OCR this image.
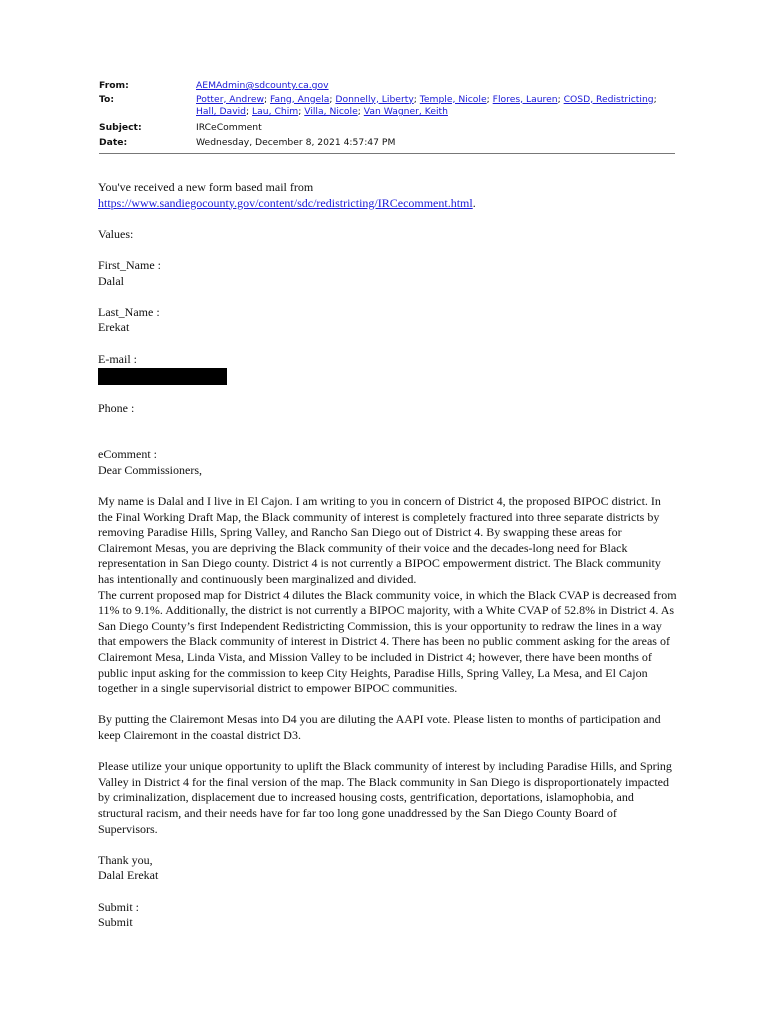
From:	AEMAdmin@sdcounty.ca.gov
To:	Potter, Andrew; Fang, Angela; Donnelly, Liberty; Temple, Nicole; Flores, Lauren; COSD, Redistricting; Hall, David; Lau, Chim; Villa, Nicole; Van Wagner, Keith
Subject:	IRCeComment
Date:	Wednesday, December 8, 2021 4:57:47 PM

You've received a new form based mail from
https://www.sandiegocounty.gov/content/sdc/redistricting/IRCecomment.html.

Values:

First_Name :

Dalal

Last_Name :

Erekat

E-mail :

Phone :

eComment :

Dear Commissioners,

My name is Dalal and I live in El Cajon. I am writing to you in concern of District 4, the proposed BIPOC district. In the Final Working Draft Map, the Black community of interest is completely fractured into three separate districts by removing Paradise Hills, Spring Valley, and Rancho San Diego out of District 4. By swapping these areas for Clairemont Mesas, you are depriving the Black community of their voice and the decades-long need for Black representation in San Diego county. District 4 is not currently a BIPOC empowerment district. The Black community has intentionally and continuously been marginalized and divided.

The current proposed map for District 4 dilutes the Black community voice, in which the Black CVAP is decreased from 11% to 9.1%. Additionally, the district is not currently a BIPOC majority, with a White CVAP of 52.8% in District 4. As San Diego County’s first Independent Redistricting Commission, this is your opportunity to redraw the lines in a way that empowers the Black community of interest in District 4. There has been no public comment asking for the areas of Clairemont Mesa, Linda Vista, and Mission Valley to be included in District 4; however, there have been months of public input asking for the commission to keep City Heights, Paradise Hills, Spring Valley, La Mesa, and El Cajon together in a single supervisorial district to empower BIPOC communities.

By putting the Clairemont Mesas into D4 you are diluting the AAPI vote. Please listen to months of participation and keep Clairemont in the coastal district D3.

Please utilize your unique opportunity to uplift the Black community of interest by including Paradise Hills, and Spring Valley in District 4 for the final version of the map. The Black community in San Diego is disproportionately impacted by criminalization, displacement due to increased housing costs, gentrification, deportations, islamophobia, and structural racism, and their needs have for far too long gone unaddressed by the San Diego County Board of Supervisors.

Thank you,

Dalal Erekat

Submit :

Submit
